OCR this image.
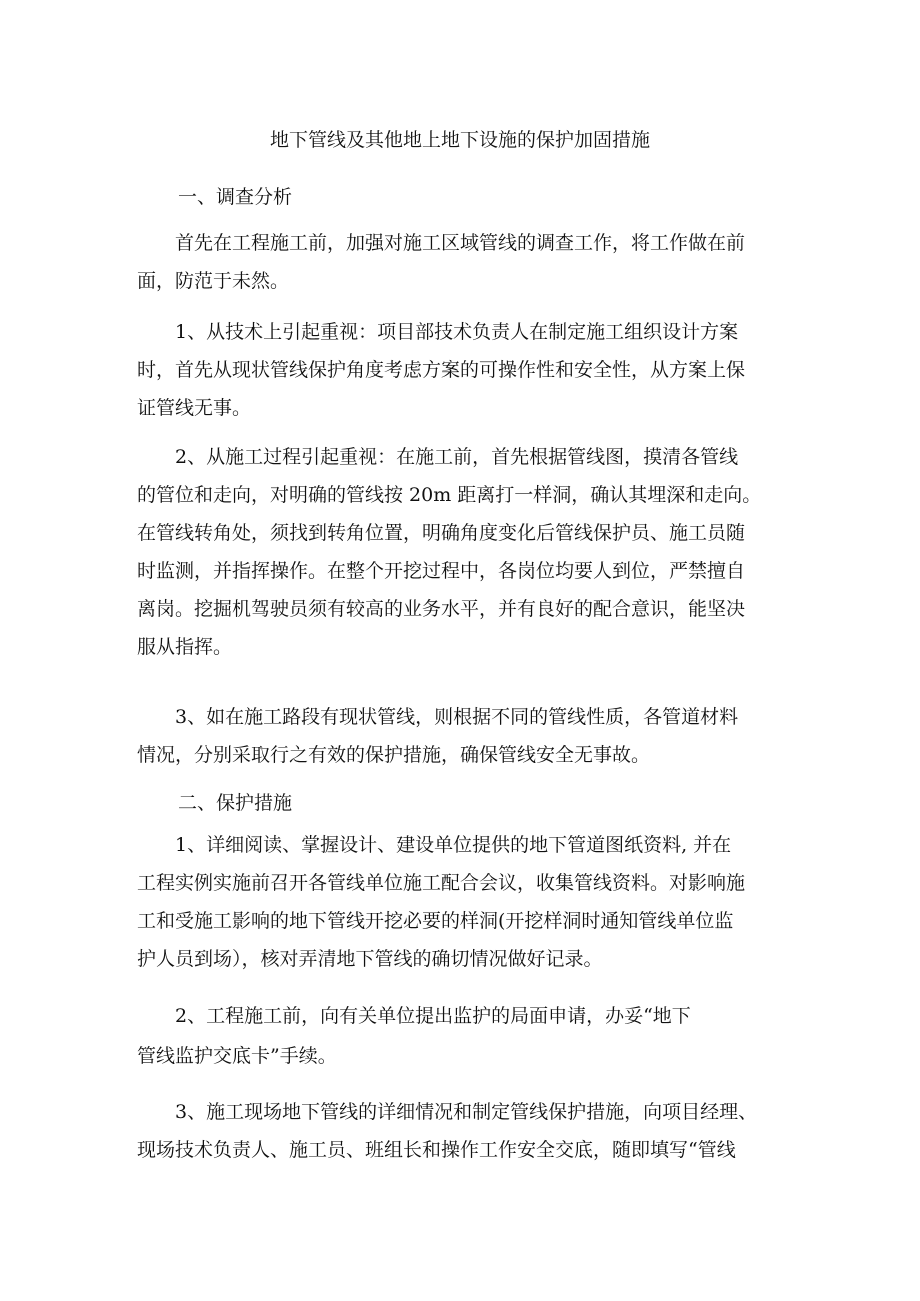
地下管线及其他地上地下设施的保护加固措施
一、调查分析
　　首先在工程施工前，加强对施工区域管线的调查工作，将工作做在前
面，防范于未然。
　　1、从技术上引起重视：项目部技术负责人在制定施工组织设计方案
时，首先从现状管线保护角度考虑方案的可操作性和安全性，从方案上保
证管线无事。
　　2、从施工过程引起重视：在施工前，首先根据管线图，摸清各管线
的管位和走向，对明确的管线按 20m 距离打一样洞，确认其埋深和走向。
在管线转角处，须找到转角位置，明确角度变化后管线保护员、施工员随
时监测，并指挥操作。在整个开挖过程中，各岗位均要人到位，严禁擅自
离岗。挖掘机驾驶员须有较高的业务水平，并有良好的配合意识，能坚决
服从指挥。
　　3、如在施工路段有现状管线，则根据不同的管线性质，各管道材料
情况，分别采取行之有效的保护措施，确保管线安全无事故。
二、保护措施
　　1、详细阅读、掌握设计、建设单位提供的地下管道图纸资料, 并在
工程实例实施前召开各管线单位施工配合会议，收集管线资料。对影响施
工和受施工影响的地下管线开挖必要的样洞(开挖样洞时通知管线单位监
护人员到场），核对弄清地下管线的确切情况做好记录。
　　2、工程施工前，向有关单位提出监护的局面申请，办妥“地下
管线监护交底卡”手续。
　　3、施工现场地下管线的详细情况和制定管线保护措施，向项目经理、
现场技术负责人、施工员、班组长和操作工作安全交底，随即填写“管线
